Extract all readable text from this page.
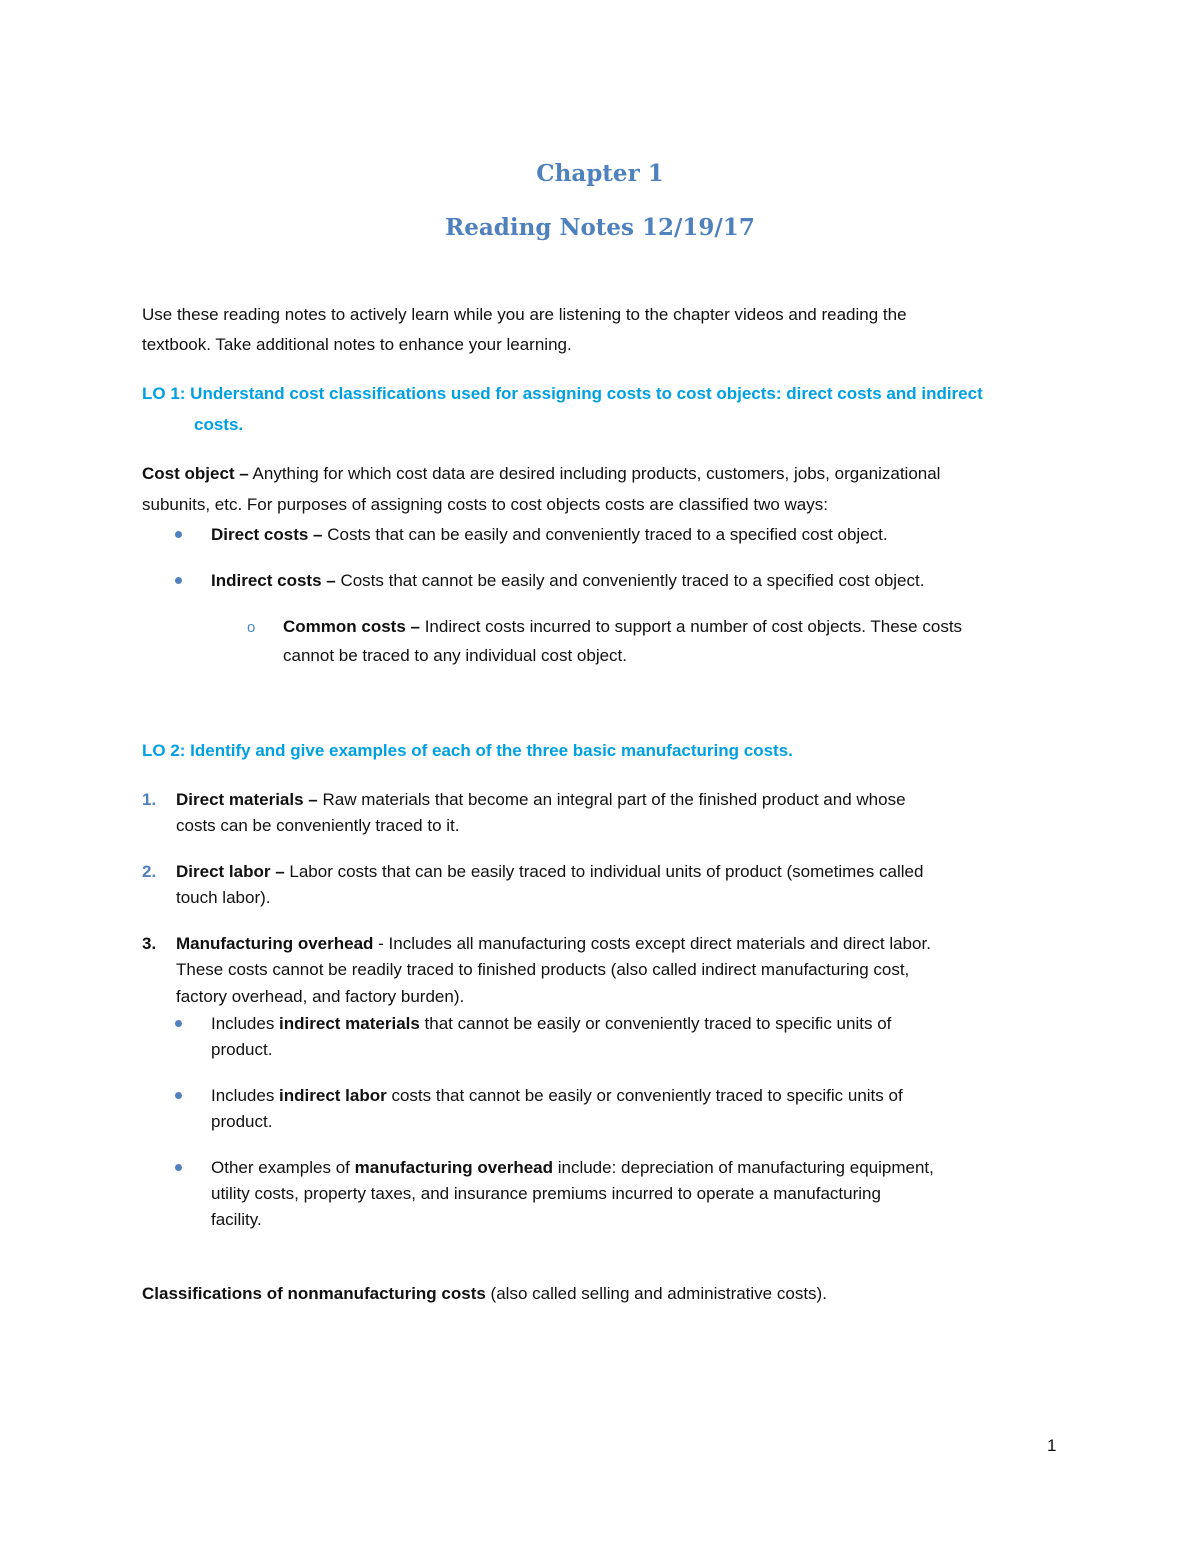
Chapter 1
Reading Notes 12/19/17
Use these reading notes to actively learn while you are listening to the chapter videos and reading the
textbook. Take additional notes to enhance your learning.
LO 1: Understand cost classifications used for assigning costs to cost objects: direct costs and indirect
costs.
Cost object – Anything for which cost data are desired including products, customers, jobs, organizational
subunits, etc. For purposes of assigning costs to cost objects costs are classified two ways:
Direct costs – Costs that can be easily and conveniently traced to a specified cost object.
Indirect costs – Costs that cannot be easily and conveniently traced to a specified cost object.
o Common costs – Indirect costs incurred to support a number of cost objects. These costs
cannot be traced to any individual cost object.
LO 2: Identify and give examples of each of the three basic manufacturing costs.
1. Direct materials – Raw materials that become an integral part of the finished product and whose
costs can be conveniently traced to it.
2. Direct labor – Labor costs that can be easily traced to individual units of product (sometimes called
touch labor).
3. Manufacturing overhead - Includes all manufacturing costs except direct materials and direct labor.
These costs cannot be readily traced to finished products (also called indirect manufacturing cost,
factory overhead, and factory burden).
Includes indirect materials that cannot be easily or conveniently traced to specific units of
product.
Includes indirect labor costs that cannot be easily or conveniently traced to specific units of
product.
Other examples of manufacturing overhead include: depreciation of manufacturing equipment,
utility costs, property taxes, and insurance premiums incurred to operate a manufacturing
facility.
Classifications of nonmanufacturing costs (also called selling and administrative costs).
1
